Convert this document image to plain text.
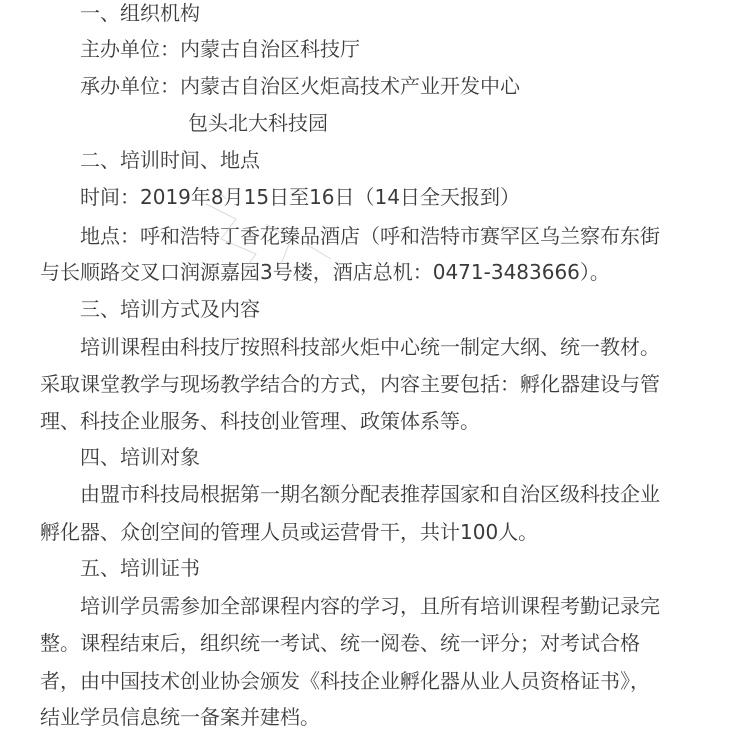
一、组织机构
主办单位：内蒙古自治区科技厅
承办单位：内蒙古自治区火炬高技术产业开发中心
包头北大科技园
二、培训时间、地点
时间：2019年8月15日至16日（14日全天报到）
地点：呼和浩特丁香花臻品酒店（呼和浩特市赛罕区乌兰察布东街
与长顺路交叉口润源嘉园3号楼，酒店总机：0471-3483666）。
三、培训方式及内容
培训课程由科技厅按照科技部火炬中心统一制定大纲、统一教材。
采取课堂教学与现场教学结合的方式，内容主要包括：孵化器建设与管
理、科技企业服务、科技创业管理、政策体系等。
四、培训对象
由盟市科技局根据第一期名额分配表推荐国家和自治区级科技企业
孵化器、众创空间的管理人员或运营骨干，共计100人。
五、培训证书
培训学员需参加全部课程内容的学习，且所有培训课程考勤记录完
整。课程结束后，组织统一考试、统一阅卷、统一评分；对考试合格
者，由中国技术创业协会颁发《科技企业孵化器从业人员资格证书》，
结业学员信息统一备案并建档。
